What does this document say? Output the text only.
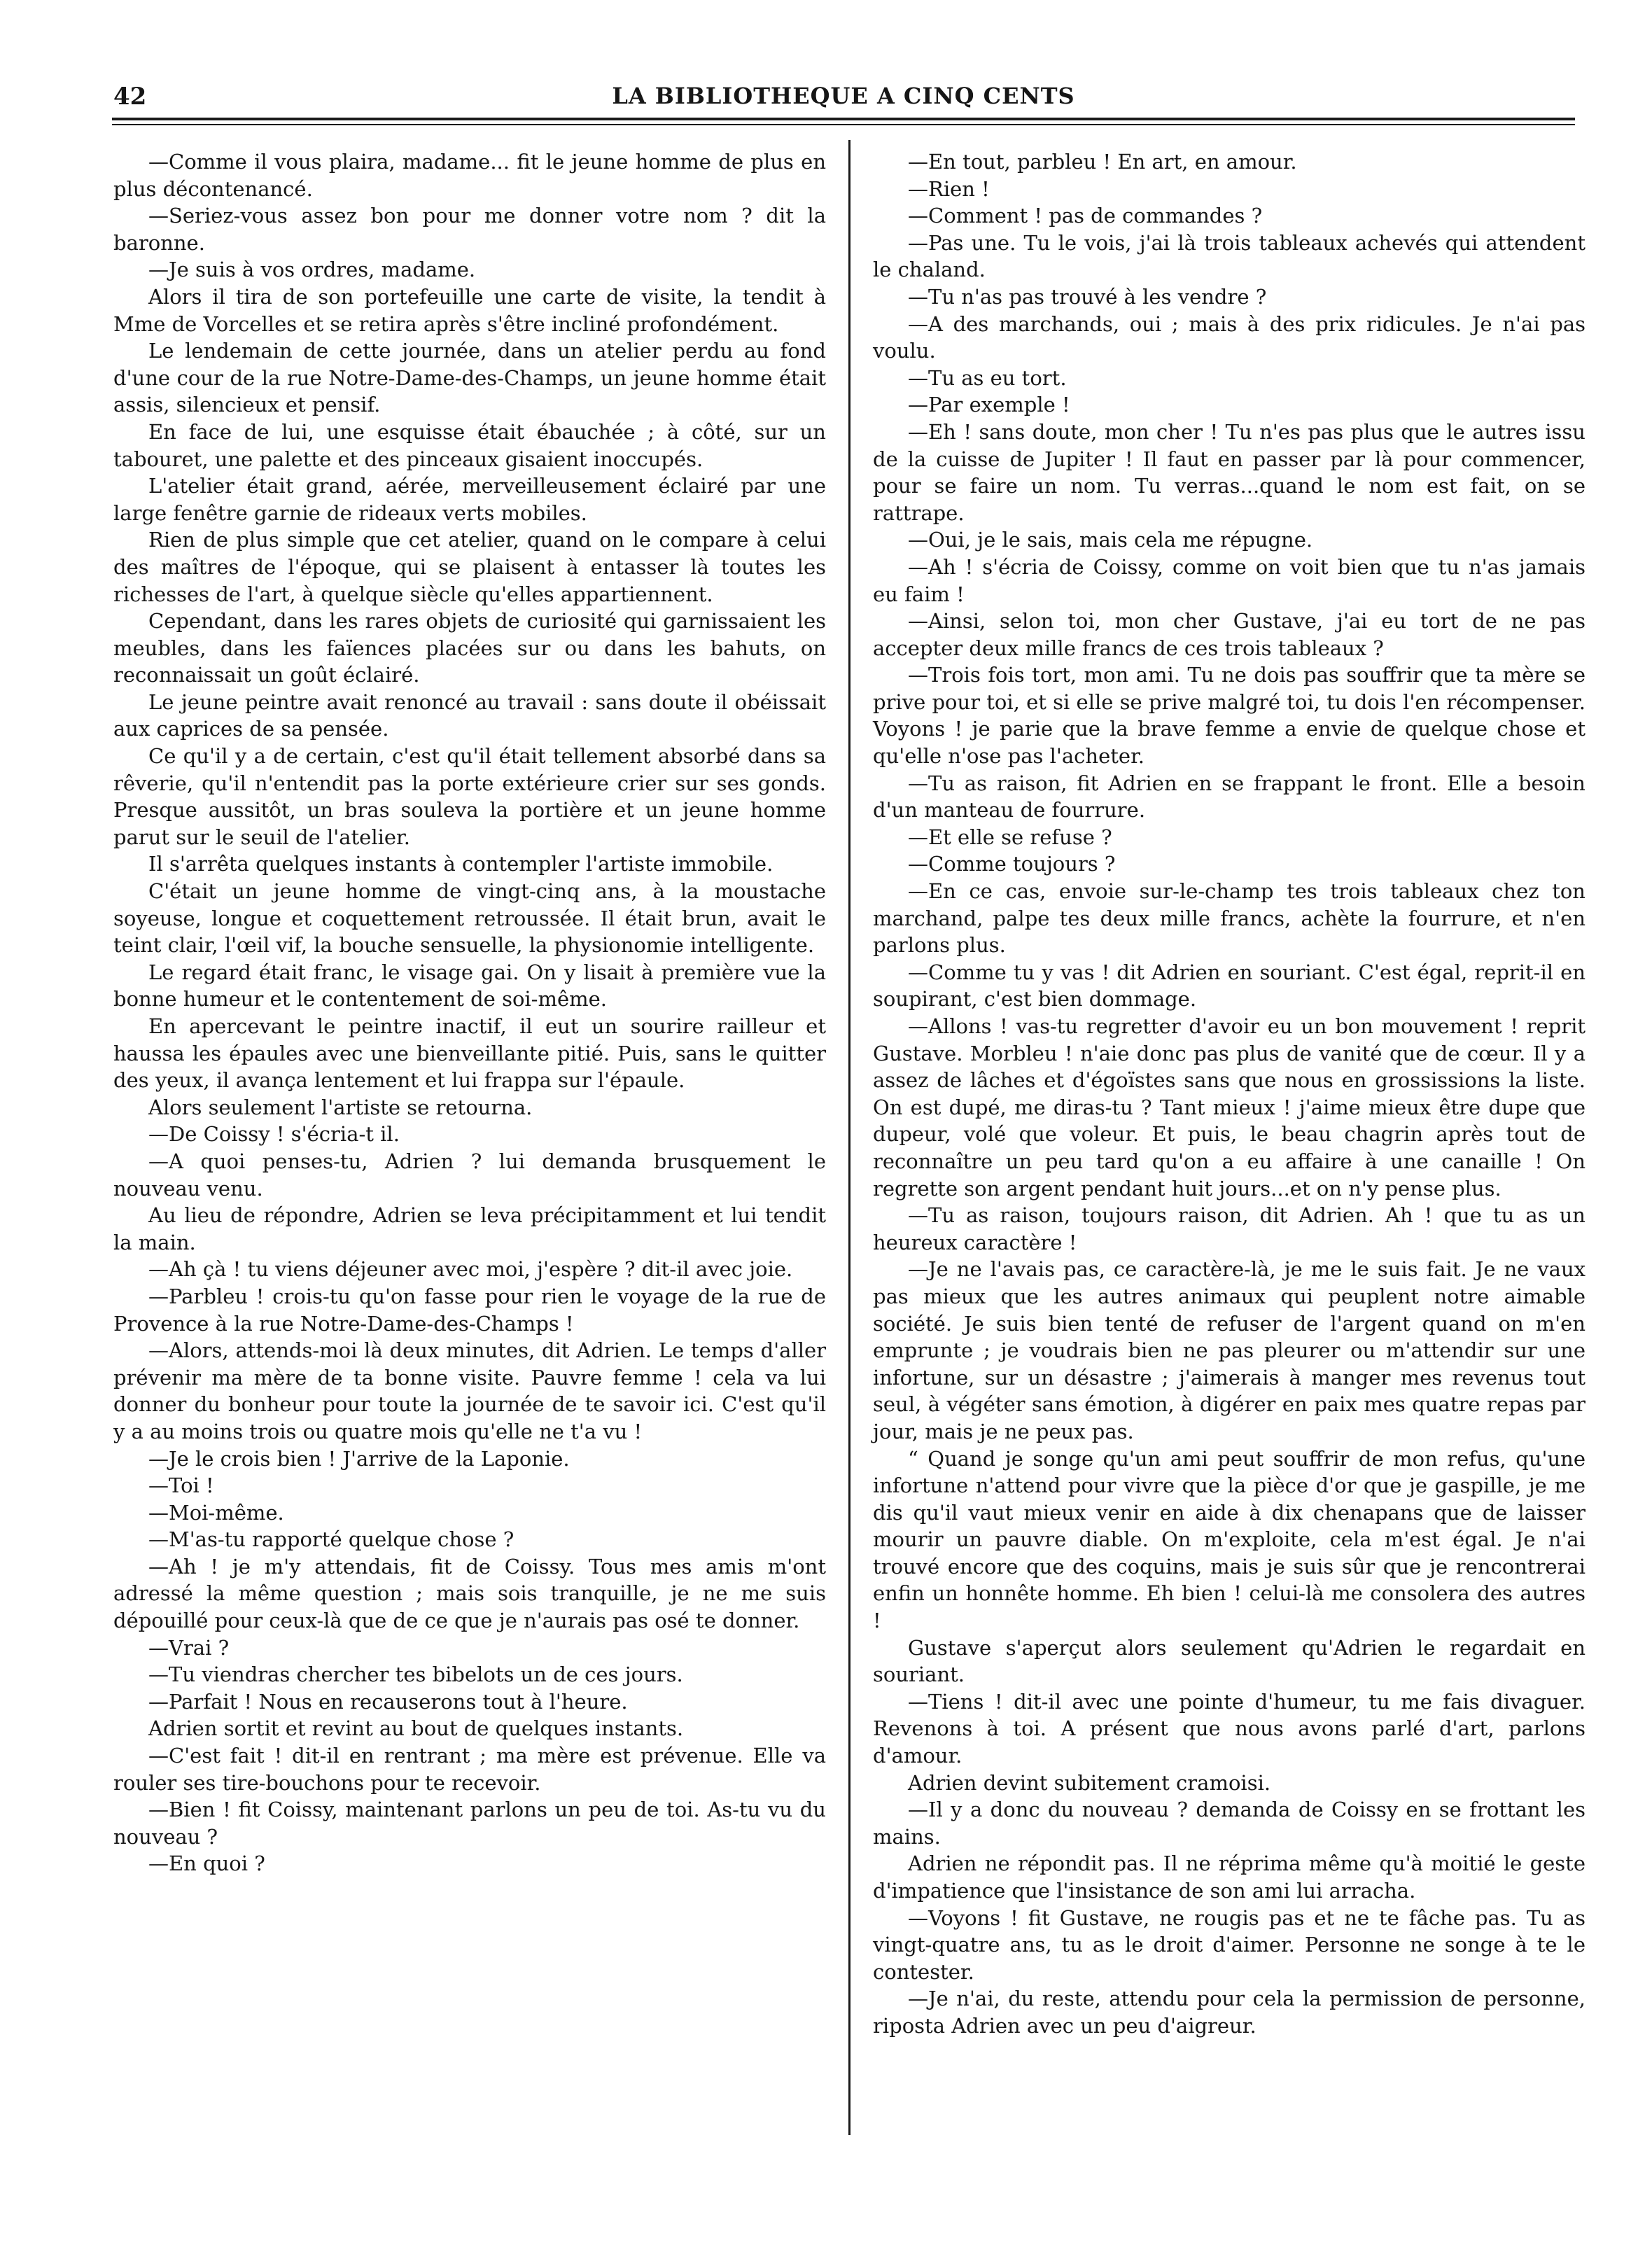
42	LA BIBLIOTHEQUE A CINQ CENTS

—Comme il vous plaira, madame... fit le jeune homme de plus en plus décontenancé.

—Seriez-vous assez bon pour me donner votre nom ? dit la baronne.

—Je suis à vos ordres, madame.

Alors il tira de son portefeuille une carte de visite, la tendit à Mme de Vorcelles et se retira après s'être incliné profondément.

Le lendemain de cette journée, dans un atelier perdu au fond d'une cour de la rue Notre-Dame-des-Champs, un jeune homme était assis, silencieux et pensif.

En face de lui, une esquisse était ébauchée ; à côté, sur un tabouret, une palette et des pinceaux gisaient inoccupés.

L'atelier était grand, aérée, merveilleusement éclairé par une large fenêtre garnie de rideaux verts mobiles.

Rien de plus simple que cet atelier, quand on le compare à celui des maîtres de l'époque, qui se plaisent à entasser là toutes les richesses de l'art, à quelque siècle qu'elles appartiennent.

Cependant, dans les rares objets de curiosité qui garnissaient les meubles, dans les faïences placées sur ou dans les bahuts, on reconnaissait un goût éclairé.

Le jeune peintre avait renoncé au travail : sans doute il obéissait aux caprices de sa pensée.

Ce qu'il y a de certain, c'est qu'il était tellement absorbé dans sa rêverie, qu'il n'entendit pas la porte extérieure crier sur ses gonds. Presque aussitôt, un bras souleva la portière et un jeune homme parut sur le seuil de l'atelier.

Il s'arrêta quelques instants à contempler l'artiste immobile.

C'était un jeune homme de vingt-cinq ans, à la moustache soyeuse, longue et coquettement retroussée. Il était brun, avait le teint clair, l'œil vif, la bouche sensuelle, la physionomie intelligente.

Le regard était franc, le visage gai. On y lisait à première vue la bonne humeur et le contentement de soi-même.

En apercevant le peintre inactif, il eut un sourire railleur et haussa les épaules avec une bienveillante pitié. Puis, sans le quitter des yeux, il avança lentement et lui frappa sur l'épaule.

Alors seulement l'artiste se retourna.

—De Coissy ! s'écria-t il.

—A quoi penses-tu, Adrien ? lui demanda brusquement le nouveau venu.

Au lieu de répondre, Adrien se leva précipitamment et lui tendit la main.

—Ah çà ! tu viens déjeuner avec moi, j'espère ? dit-il avec joie.

—Parbleu ! crois-tu qu'on fasse pour rien le voyage de la rue de Provence à la rue Notre-Dame-des-Champs !

—Alors, attends-moi là deux minutes, dit Adrien. Le temps d'aller prévenir ma mère de ta bonne visite. Pauvre femme ! cela va lui donner du bonheur pour toute la journée de te savoir ici. C'est qu'il y a au moins trois ou quatre mois qu'elle ne t'a vu !

—Je le crois bien ! J'arrive de la Laponie.

—Toi !

—Moi-même.

—M'as-tu rapporté quelque chose ?

—Ah ! je m'y attendais, fit de Coissy. Tous mes amis m'ont adressé la même question ; mais sois tranquille, je ne me suis dépouillé pour ceux-là que de ce que je n'aurais pas osé te donner.

—Vrai ?

—Tu viendras chercher tes bibelots un de ces jours.

—Parfait ! Nous en recauserons tout à l'heure.

Adrien sortit et revint au bout de quelques instants.

—C'est fait ! dit-il en rentrant ; ma mère est prévenue. Elle va rouler ses tire-bouchons pour te recevoir.

—Bien ! fit Coissy, maintenant parlons un peu de toi. As-tu vu du nouveau ?

—En quoi ?

—En tout, parbleu ! En art, en amour.

—Rien !

—Comment ! pas de commandes ?

—Pas une. Tu le vois, j'ai là trois tableaux achevés qui attendent le chaland.

—Tu n'as pas trouvé à les vendre ?

—A des marchands, oui ; mais à des prix ridicules. Je n'ai pas voulu.

—Tu as eu tort.

—Par exemple !

—Eh ! sans doute, mon cher ! Tu n'es pas plus que le autres issu de la cuisse de Jupiter ! Il faut en passer par là pour commencer, pour se faire un nom. Tu verras...quand le nom est fait, on se rattrape.

—Oui, je le sais, mais cela me répugne.

—Ah ! s'écria de Coissy, comme on voit bien que tu n'as jamais eu faim !

—Ainsi, selon toi, mon cher Gustave, j'ai eu tort de ne pas accepter deux mille francs de ces trois tableaux ?

—Trois fois tort, mon ami. Tu ne dois pas souffrir que ta mère se prive pour toi, et si elle se prive malgré toi, tu dois l'en récompenser. Voyons ! je parie que la brave femme a envie de quelque chose et qu'elle n'ose pas l'acheter.

—Tu as raison, fit Adrien en se frappant le front. Elle a besoin d'un manteau de fourrure.

—Et elle se refuse ?

—Comme toujours ?

—En ce cas, envoie sur-le-champ tes trois tableaux chez ton marchand, palpe tes deux mille francs, achète la fourrure, et n'en parlons plus.

—Comme tu y vas ! dit Adrien en souriant. C'est égal, reprit-il en soupirant, c'est bien dommage.

—Allons ! vas-tu regretter d'avoir eu un bon mouvement ! reprit Gustave. Morbleu ! n'aie donc pas plus de vanité que de cœur. Il y a assez de lâches et d'égoïstes sans que nous en grossissions la liste. On est dupé, me diras-tu ? Tant mieux ! j'aime mieux être dupe que dupeur, volé que voleur. Et puis, le beau chagrin après tout de reconnaître un peu tard qu'on a eu affaire à une canaille ! On regrette son argent pendant huit jours...et on n'y pense plus.

—Tu as raison, toujours raison, dit Adrien. Ah ! que tu as un heureux caractère !

—Je ne l'avais pas, ce caractère-là, je me le suis fait. Je ne vaux pas mieux que les autres animaux qui peuplent notre aimable société. Je suis bien tenté de refuser de l'argent quand on m'en emprunte ; je voudrais bien ne pas pleurer ou m'attendir sur une infortune, sur un désastre ; j'aimerais à manger mes revenus tout seul, à végéter sans émotion, à digérer en paix mes quatre repas par jour, mais je ne peux pas.

“ Quand je songe qu'un ami peut souffrir de mon refus, qu'une infortune n'attend pour vivre que la pièce d'or que je gaspille, je me dis qu'il vaut mieux venir en aide à dix chenapans que de laisser mourir un pauvre diable. On m'exploite, cela m'est égal. Je n'ai trouvé encore que des coquins, mais je suis sûr que je rencontrerai enfin un honnête homme. Eh bien ! celui-là me consolera des autres !

Gustave s'aperçut alors seulement qu'Adrien le regardait en souriant.

—Tiens ! dit-il avec une pointe d'humeur, tu me fais divaguer. Revenons à toi. A présent que nous avons parlé d'art, parlons d'amour.

Adrien devint subitement cramoisi.

—Il y a donc du nouveau ? demanda de Coissy en se frottant les mains.

Adrien ne répondit pas. Il ne réprima même qu'à moitié le geste d'impatience que l'insistance de son ami lui arracha.

—Voyons ! fit Gustave, ne rougis pas et ne te fâche pas. Tu as vingt-quatre ans, tu as le droit d'aimer. Personne ne songe à te le contester.

—Je n'ai, du reste, attendu pour cela la permission de personne, riposta Adrien avec un peu d'aigreur.
